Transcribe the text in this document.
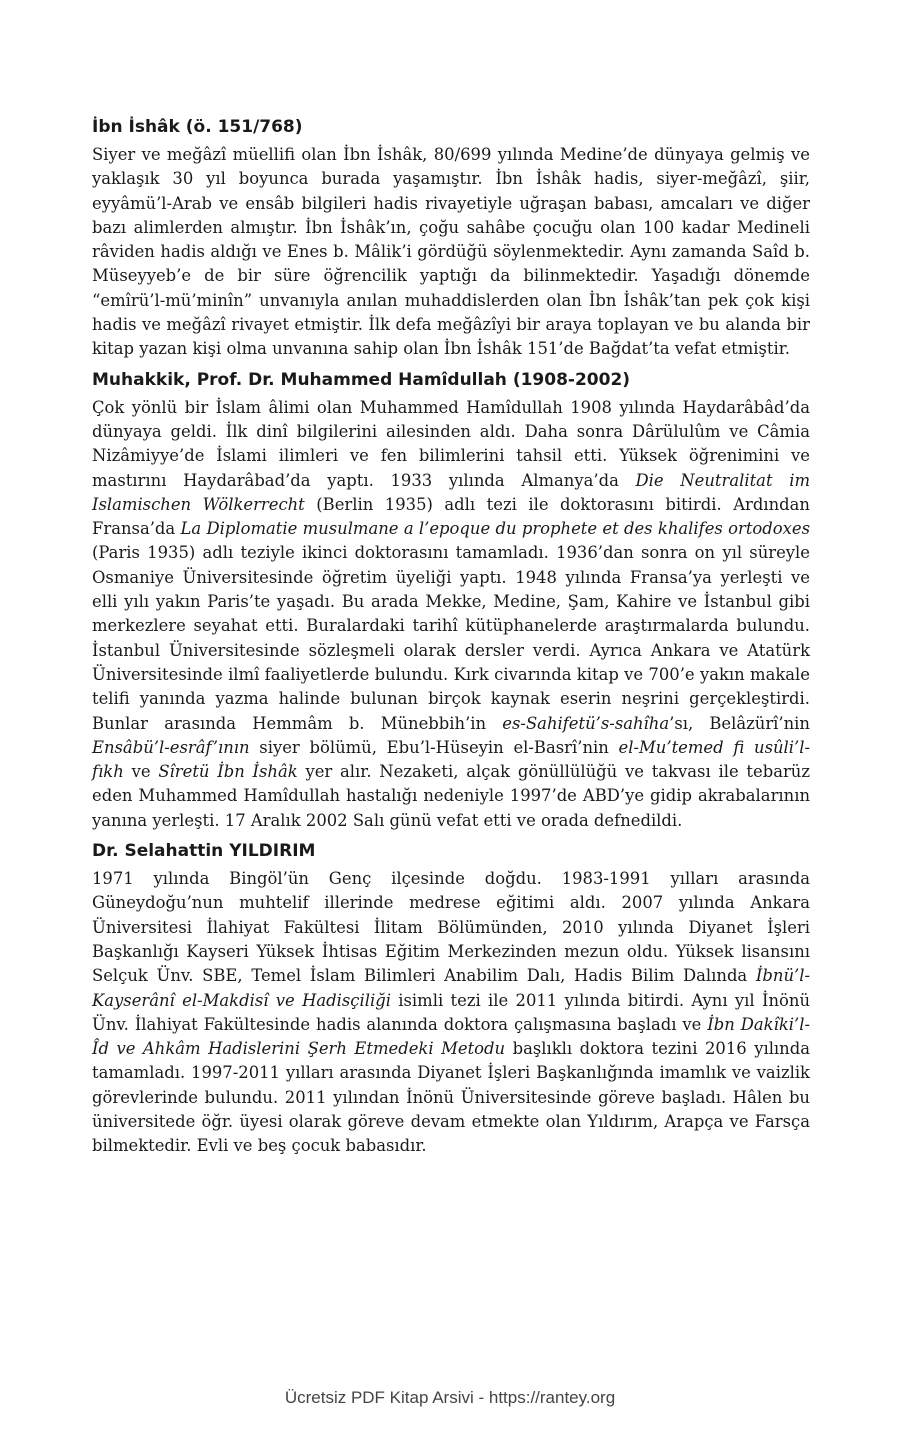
İbn İshâk (ö. 151/768)

Siyer ve meğâzî müellifi olan İbn İshâk, 80/699 yılında Medine’de dünyaya gelmiş ve yaklaşık 30 yıl boyunca burada yaşamıştır. İbn İshâk hadis, siyer-meğâzî, şiir, eyyâmü’l-Arab ve ensâb bilgileri hadis rivayetiyle uğraşan babası, amcaları ve diğer bazı alimlerden almıştır. İbn İshâk’ın, çoğu sahâbe çocuğu olan 100 kadar Medineli râviden hadis aldığı ve Enes b. Mâlik’i gördüğü söylenmektedir. Aynı zamanda Saîd b. Müseyyeb’e de bir süre öğrencilik yaptığı da bilinmektedir. Yaşadığı dönemde “emîrü’l-mü’minîn” unvanıyla anılan muhaddislerden olan İbn İshâk’tan pek çok kişi hadis ve meğâzî rivayet etmiştir. İlk defa meğâzîyi bir araya toplayan ve bu alanda bir kitap yazan kişi olma unvanına sahip olan İbn İshâk 151’de Bağdat’ta vefat etmiştir.

Muhakkik, Prof. Dr. Muhammed Hamîdullah (1908-2002)

Çok yönlü bir İslam âlimi olan Muhammed Hamîdullah 1908 yılında Haydarâbâd’da dünyaya geldi. İlk dinî bilgilerini ailesinden aldı. Daha sonra Dârülulûm ve Câmia Nizâmiyye’de İslami ilimleri ve fen bilimlerini tahsil etti. Yüksek öğrenimini ve mastırını Haydarâbad’da yaptı. 1933 yılında Almanya’da Die Neutralitat im Islamischen Wölkerrecht (Berlin 1935) adlı tezi ile doktorasını bitirdi. Ardından Fransa’da La Diplomatie musulmane a l’epoque du prophete et des khalifes ortodoxes (Paris 1935) adlı teziyle ikinci doktorasını tamamladı. 1936’dan sonra on yıl süreyle Osmaniye Üniversitesinde öğretim üyeliği yaptı. 1948 yılında Fransa’ya yerleşti ve elli yılı yakın Paris’te yaşadı. Bu arada Mekke, Medine, Şam, Kahire ve İstanbul gibi merkezlere seyahat etti. Buralardaki tarihî kütüphanelerde araştırmalarda bulundu. İstanbul Üniversitesinde sözleşmeli olarak dersler verdi. Ayrıca Ankara ve Atatürk Üniversitesinde ilmî faaliyetlerde bulundu. Kırk civarında kitap ve 700’e yakın makale telifi yanında yazma halinde bulunan birçok kaynak eserin neşrini gerçekleştirdi. Bunlar arasında Hemmâm b. Münebbih’in es-Sahifetü’s-sahîha’sı, Belâzürî’nin Ensâbü’l-esrâf’ının siyer bölümü, Ebu’l-Hüseyin el-Basrî’nin el-Mu’temed fi usûli’l-fıkh ve Sîretü İbn İshâk yer alır. Nezaketi, alçak gönüllülüğü ve takvası ile tebarüz eden Muhammed Hamîdullah hastalığı nedeniyle 1997’de ABD’ye gidip akrabalarının yanına yerleşti. 17 Aralık 2002 Salı günü vefat etti ve orada defnedildi.

Dr. Selahattin YILDIRIM

1971 yılında Bingöl’ün Genç ilçesinde doğdu. 1983-1991 yılları arasında Güneydoğu’nun muhtelif illerinde medrese eğitimi aldı. 2007 yılında Ankara Üniversitesi İlahiyat Fakültesi İlitam Bölümünden, 2010 yılında Diyanet İşleri Başkanlığı Kayseri Yüksek İhtisas Eğitim Merkezinden mezun oldu. Yüksek lisansını Selçuk Ünv. SBE, Temel İslam Bilimleri Anabilim Dalı, Hadis Bilim Dalında İbnü’l-Kayserânî el-Makdisî ve Hadisçiliği isimli tezi ile 2011 yılında bitirdi. Aynı yıl İnönü Ünv. İlahiyat Fakültesinde hadis alanında doktora çalışmasına başladı ve İbn Dakîki’l-Îd ve Ahkâm Hadislerini Şerh Etmedeki Metodu başlıklı doktora tezini 2016 yılında tamamladı. 1997-2011 yılları arasında Diyanet İşleri Başkanlığında imamlık ve vaizlik görevlerinde bulundu. 2011 yılından İnönü Üniversitesinde göreve başladı. Hâlen bu üniversitede öğr. üyesi olarak göreve devam etmekte olan Yıldırım, Arapça ve Farsça bilmektedir. Evli ve beş çocuk babasıdır.

Ücretsiz PDF Kitap Arsivi - https://rantey.org
